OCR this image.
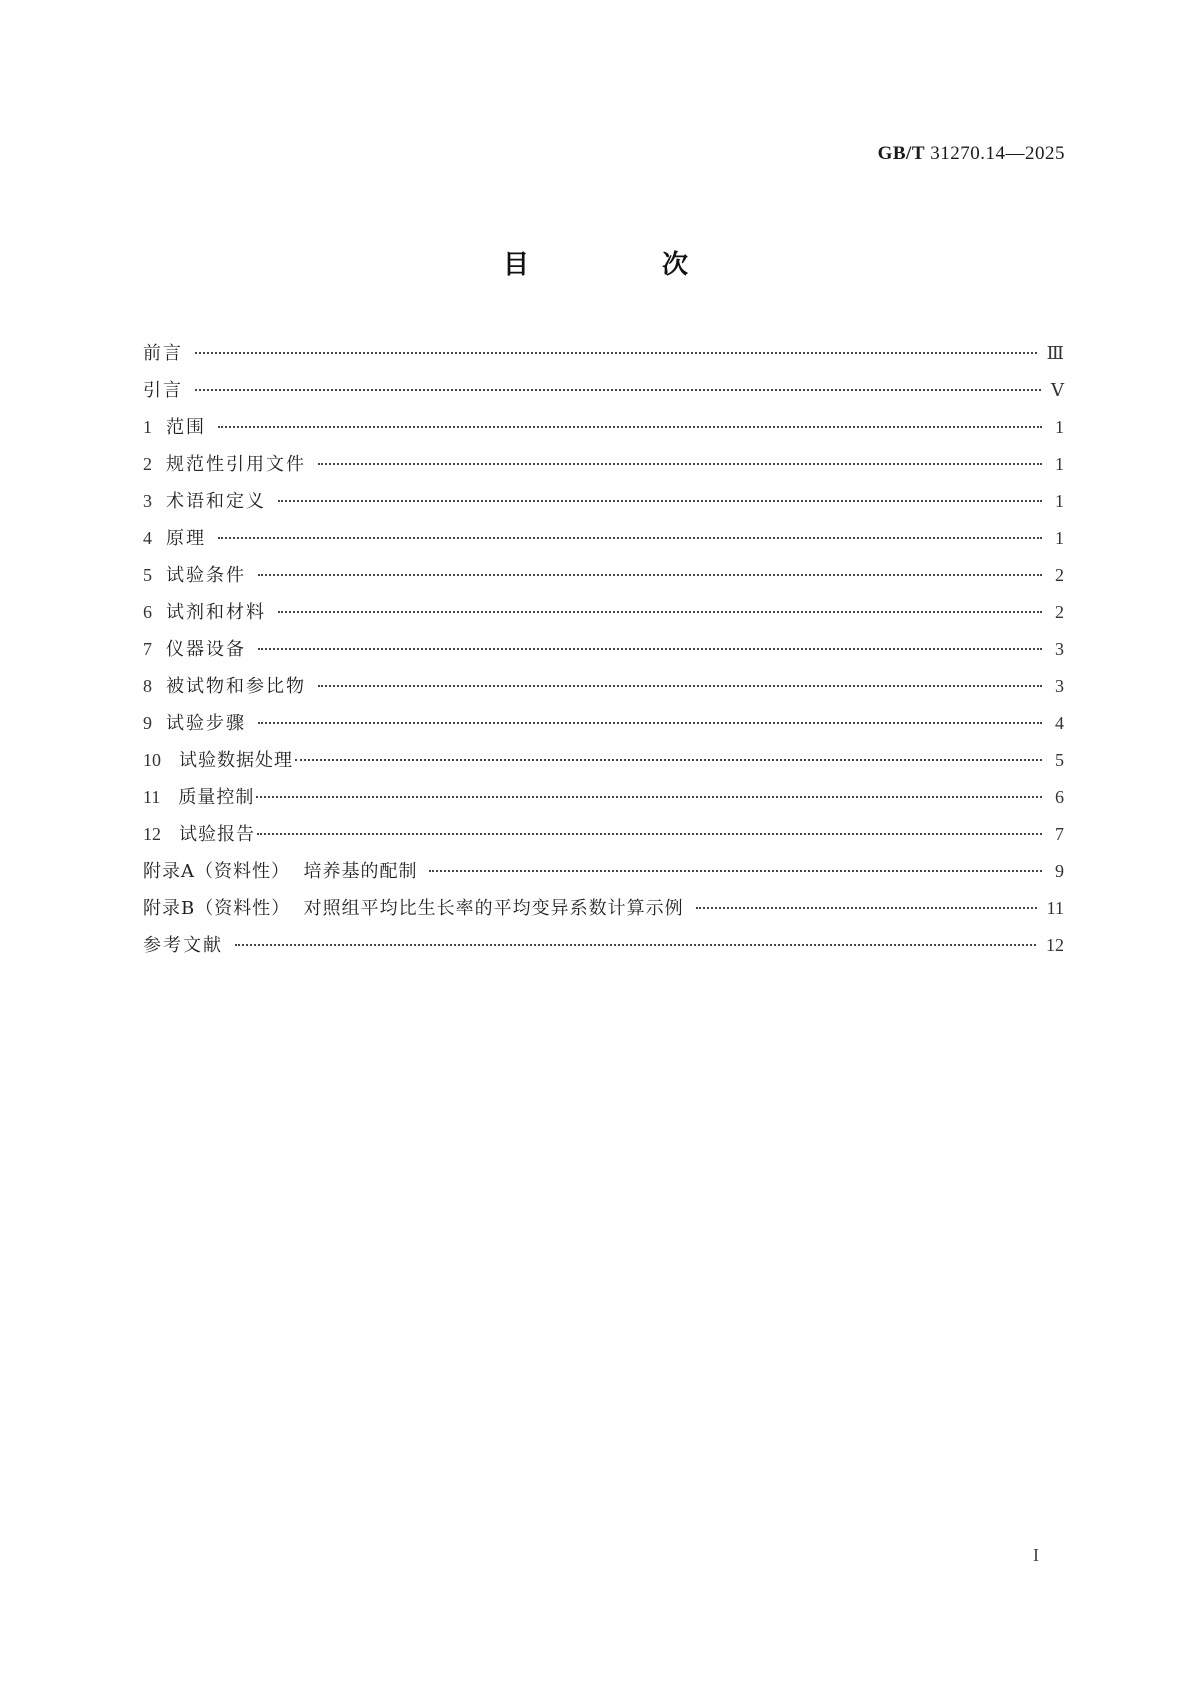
GB/T 31270.14—2025
目 次
前言	Ⅲ
引言	Ⅴ
1 范围	1
2 规范性引用文件	1
3 术语和定义	1
4 原理	1
5 试验条件	2
6 试剂和材料	2
7 仪器设备	3
8 被试物和参比物	3
9 试验步骤	4
10 试验数据处理	5
11 质量控制	6
12 试验报告	7
附录A（资料性）  培养基的配制	9
附录B（资料性）  对照组平均比生长率的平均变异系数计算示例	11
参考文献	12
I
